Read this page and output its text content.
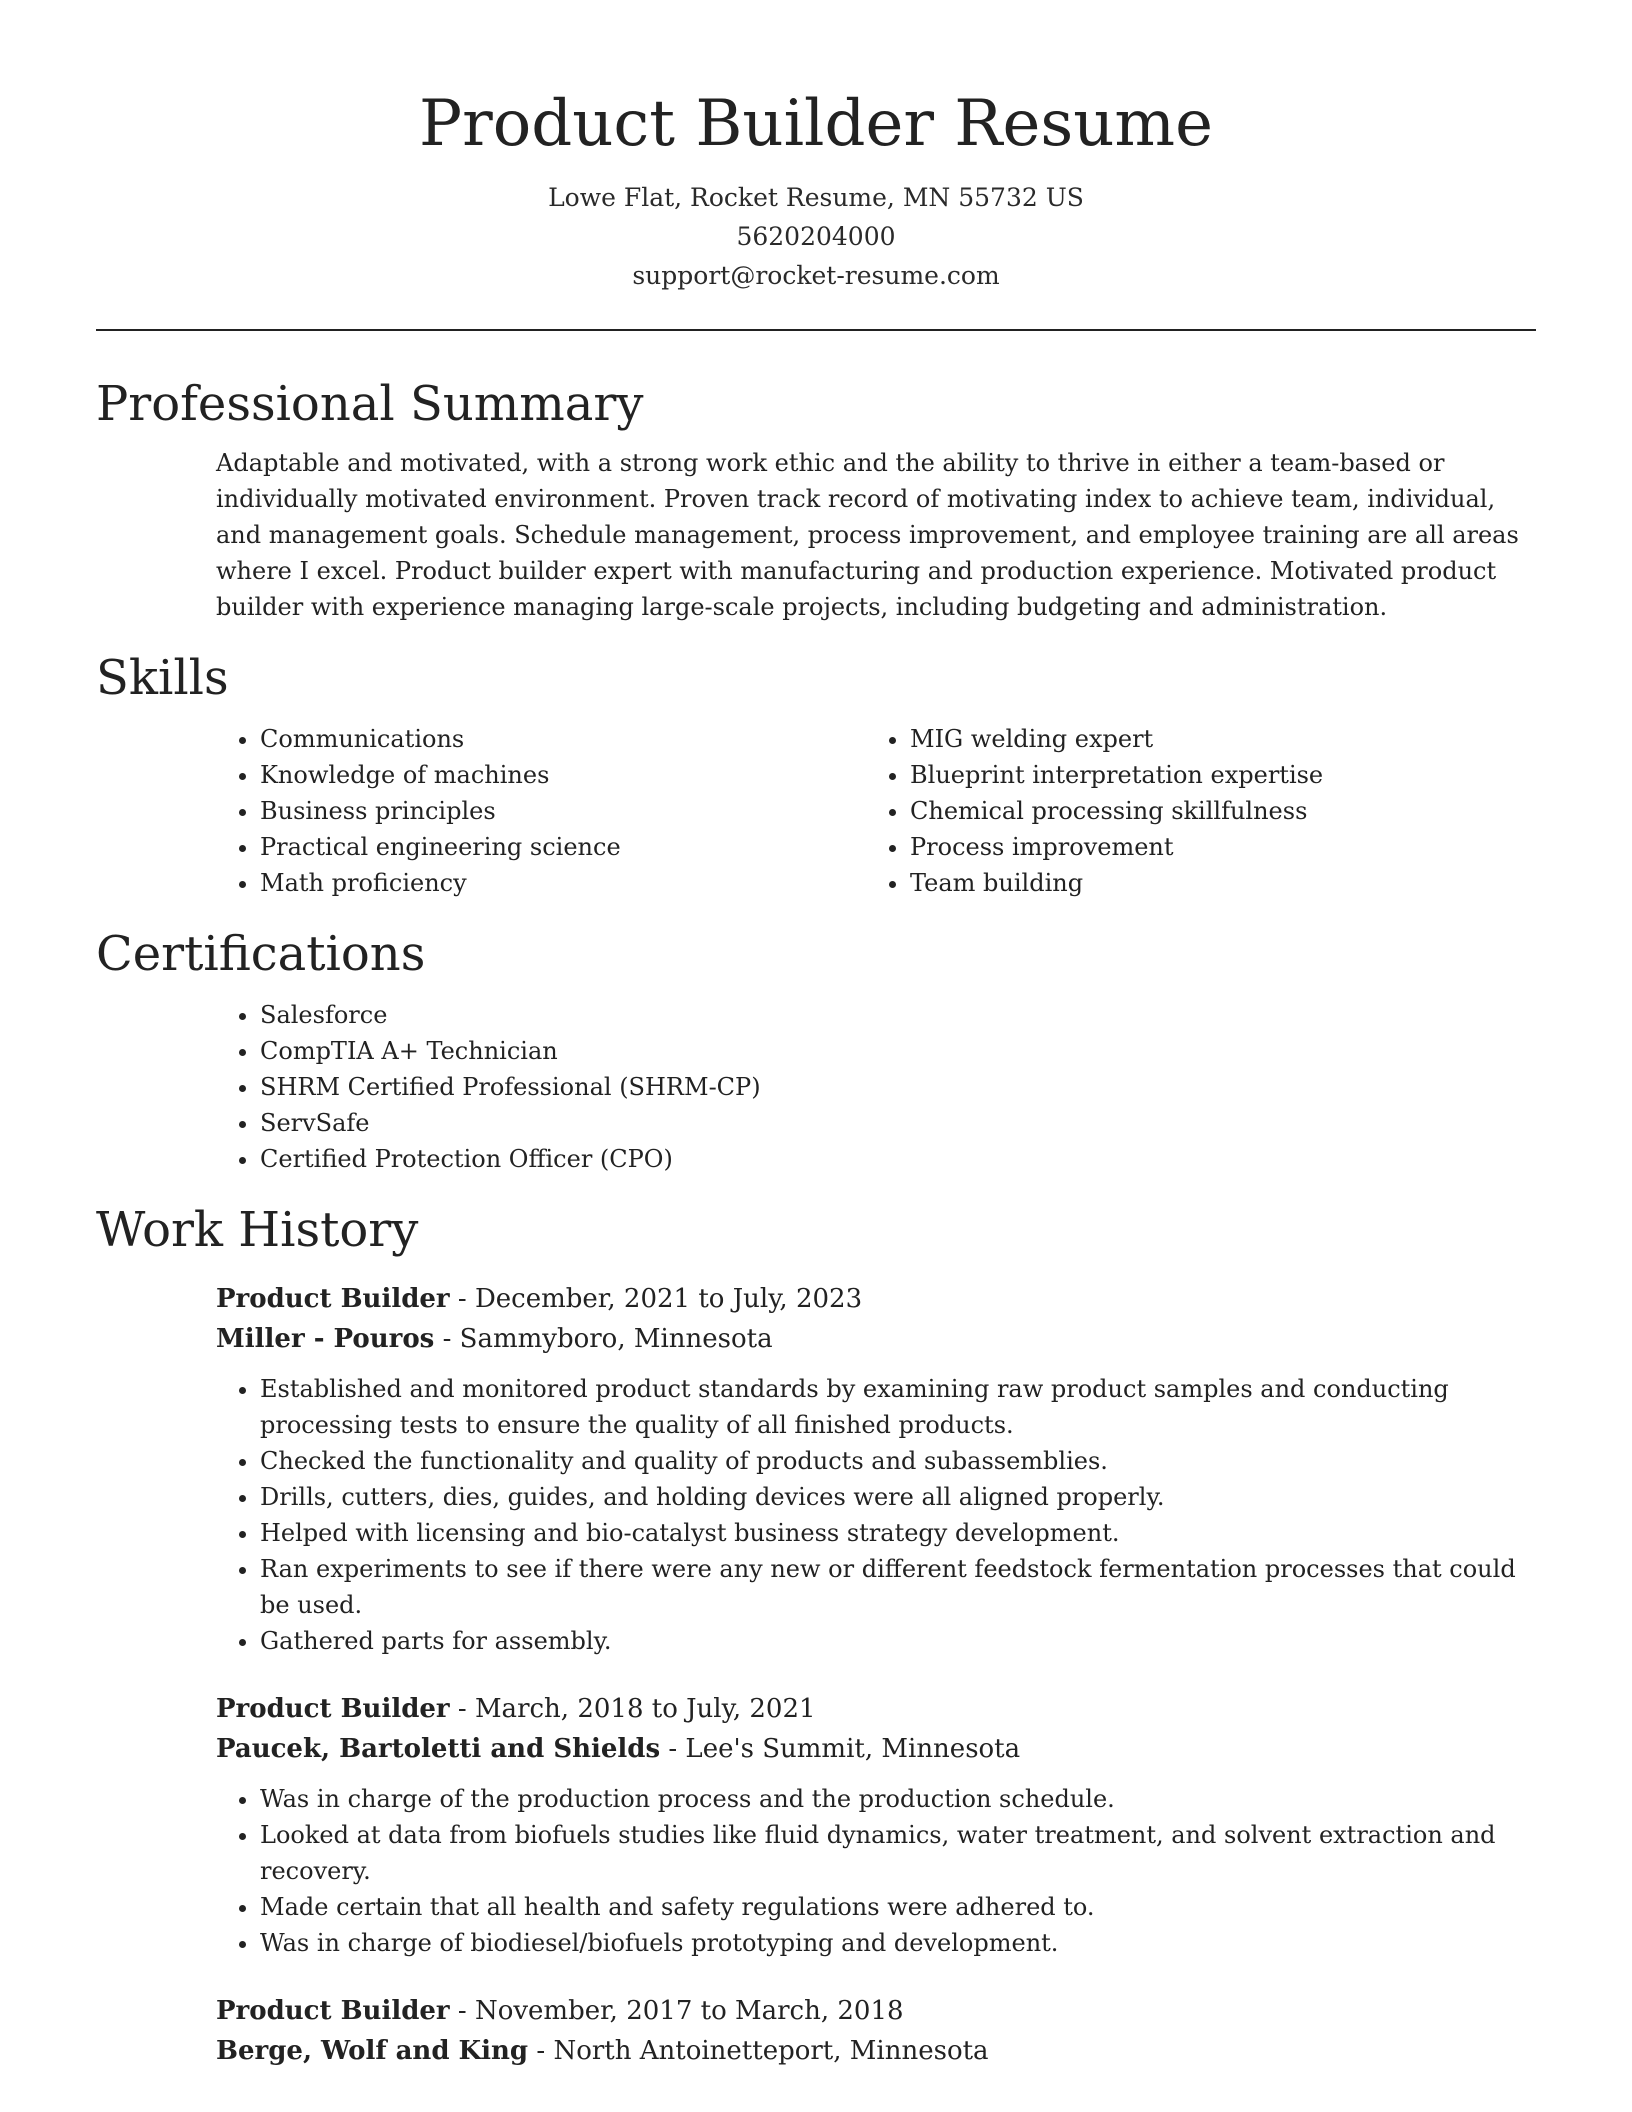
Product Builder Resume
Lowe Flat, Rocket Resume, MN 55732 US
5620204000
support@rocket-resume.com
Professional Summary

Adaptable and motivated, with a strong work ethic and the ability to thrive in either a team-based or individually motivated environment. Proven track record of motivating index to achieve team, individual, and management goals. Schedule management, process improvement, and employee training are all areas where I excel. Product builder expert with manufacturing and production experience. Motivated product builder with experience managing large-scale projects, including budgeting and administration.

Skills
• Communications
• Knowledge of machines
• Business principles
• Practical engineering science
• Math proficiency
• MIG welding expert
• Blueprint interpretation expertise
• Chemical processing skillfulness
• Process improvement
• Team building
Certifications
• Salesforce
• CompTIA A+ Technician
• SHRM Certified Professional (SHRM-CP)
• ServSafe
• Certified Protection Officer (CPO)
Work History
Product Builder - December, 2021 to July, 2023
Miller - Pouros - Sammyboro, Minnesota
• Established and monitored product standards by examining raw product samples and conducting processing tests to ensure the quality of all finished products.
• Checked the functionality and quality of products and subassemblies.
• Drills, cutters, dies, guides, and holding devices were all aligned properly.
• Helped with licensing and bio-catalyst business strategy development.
• Ran experiments to see if there were any new or different feedstock fermentation processes that could be used.
• Gathered parts for assembly.
Product Builder - March, 2018 to July, 2021
Paucek, Bartoletti and Shields - Lee's Summit, Minnesota
• Was in charge of the production process and the production schedule.
• Looked at data from biofuels studies like fluid dynamics, water treatment, and solvent extraction and recovery.
• Made certain that all health and safety regulations were adhered to.
• Was in charge of biodiesel/biofuels prototyping and development.
Product Builder - November, 2017 to March, 2018
Berge, Wolf and King - North Antoinetteport, Minnesota
